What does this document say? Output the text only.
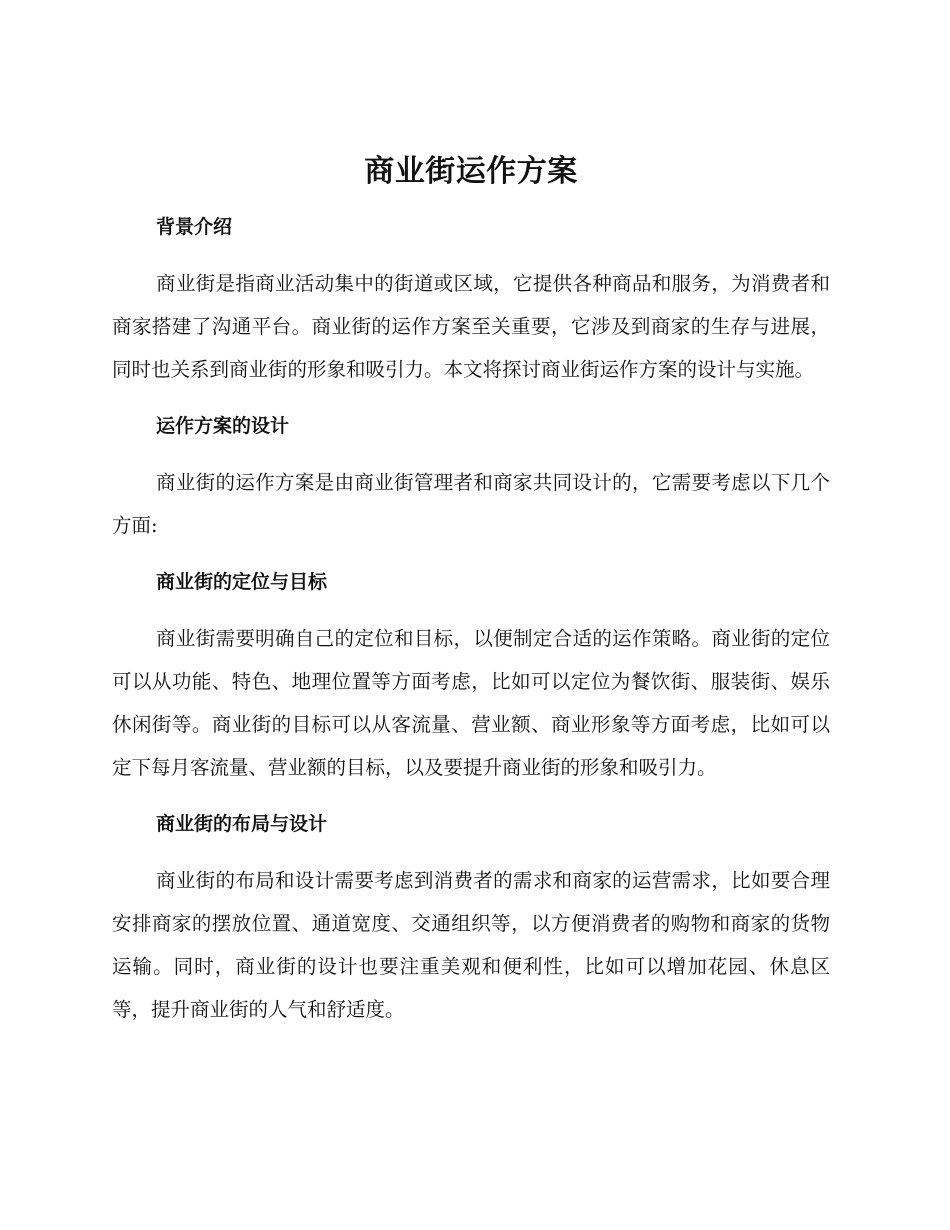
商业街运作方案
背景介绍

商业街是指商业活动集中的街道或区域，它提供各种商品和服务，为消费者和商家搭建了沟通平台。商业街的运作方案至关重要，它涉及到商家的生存与进展，同时也关系到商业街的形象和吸引力。本文将探讨商业街运作方案的设计与实施。

运作方案的设计

商业街的运作方案是由商业街管理者和商家共同设计的，它需要考虑以下几个方面:

商业街的定位与目标

商业街需要明确自己的定位和目标，以便制定合适的运作策略。商业街的定位可以从功能、特色、地理位置等方面考虑，比如可以定位为餐饮街、服装街、娱乐休闲街等。商业街的目标可以从客流量、营业额、商业形象等方面考虑，比如可以定下每月客流量、营业额的目标，以及要提升商业街的形象和吸引力。

商业街的布局与设计

商业街的布局和设计需要考虑到消费者的需求和商家的运营需求，比如要合理安排商家的摆放位置、通道宽度、交通组织等，以方便消费者的购物和商家的货物运输。同时，商业街的设计也要注重美观和便利性，比如可以增加花园、休息区等，提升商业街的人气和舒适度。
